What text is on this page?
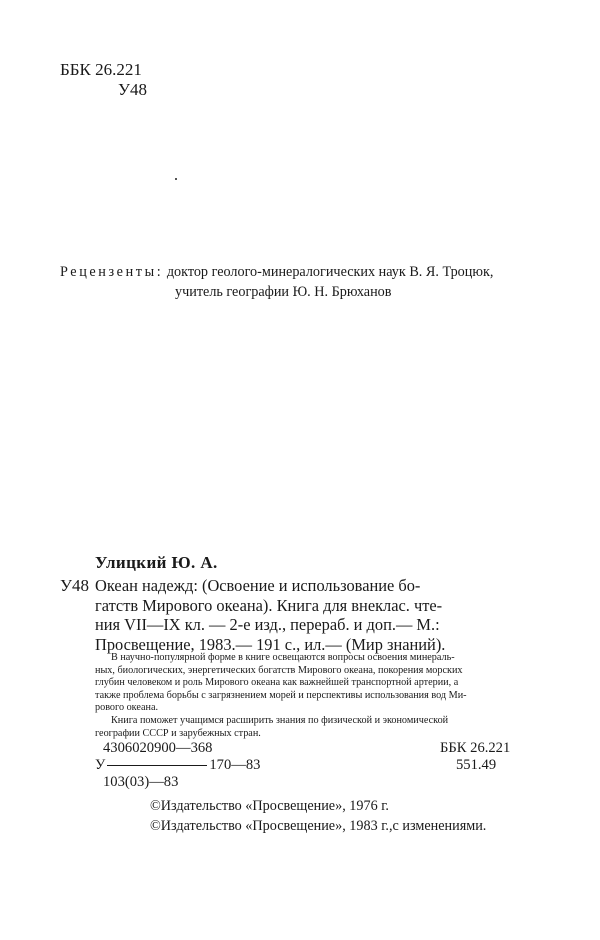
ББК 26.221
У48
Рецензенты: доктор геолого-минералогических наук В. Я. Троцюк,
учитель географии Ю. Н. Брюханов
Улицкий Ю. А.
У48 Океан надежд: (Освоение и использование бо-
гатств Мирового океана). Книга для внеклас. чте-
ния VII—IX кл. — 2-е изд., перераб. и доп.— М.:
Просвещение, 1983.— 191 с., ил.— (Мир знаний).
В научно-популярной форме в книге освещаются вопросы освоения минераль-
ных, биологических, энергетических богатств Мирового океана, покорения морских
глубин человеком и роль Мирового океана как важнейшей транспортной артерии, а
также проблема борьбы с загрязнением морей и перспективы использования вод Ми-
рового океана.
Книга поможет учащимся расширить знания по физической и экономической
географии СССР и зарубежных стран.
4306020900—368
У	170—83
103(03)—83
ББК 26.221
551.49
©Издательство «Просвещение», 1976 г.
©Издательство «Просвещение», 1983 г.,с изменениями.
